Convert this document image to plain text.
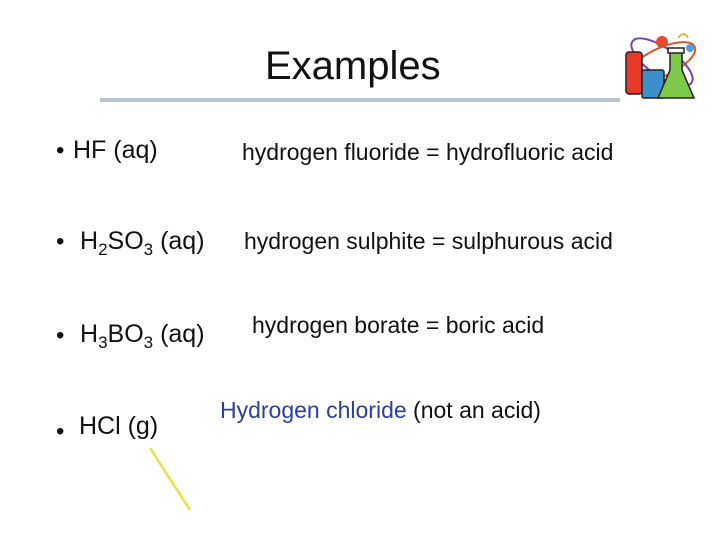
Examples
• HF (aq)	hydrogen fluoride = hydrofluoric acid
• $H_2SO_3$ (aq) hydrogen sulphite = sulphurous acid
• $H_3BO_3$ (aq) hydrogen borate = boric acid
• HCl (g)
Hydrogen chloride (not an acid)
